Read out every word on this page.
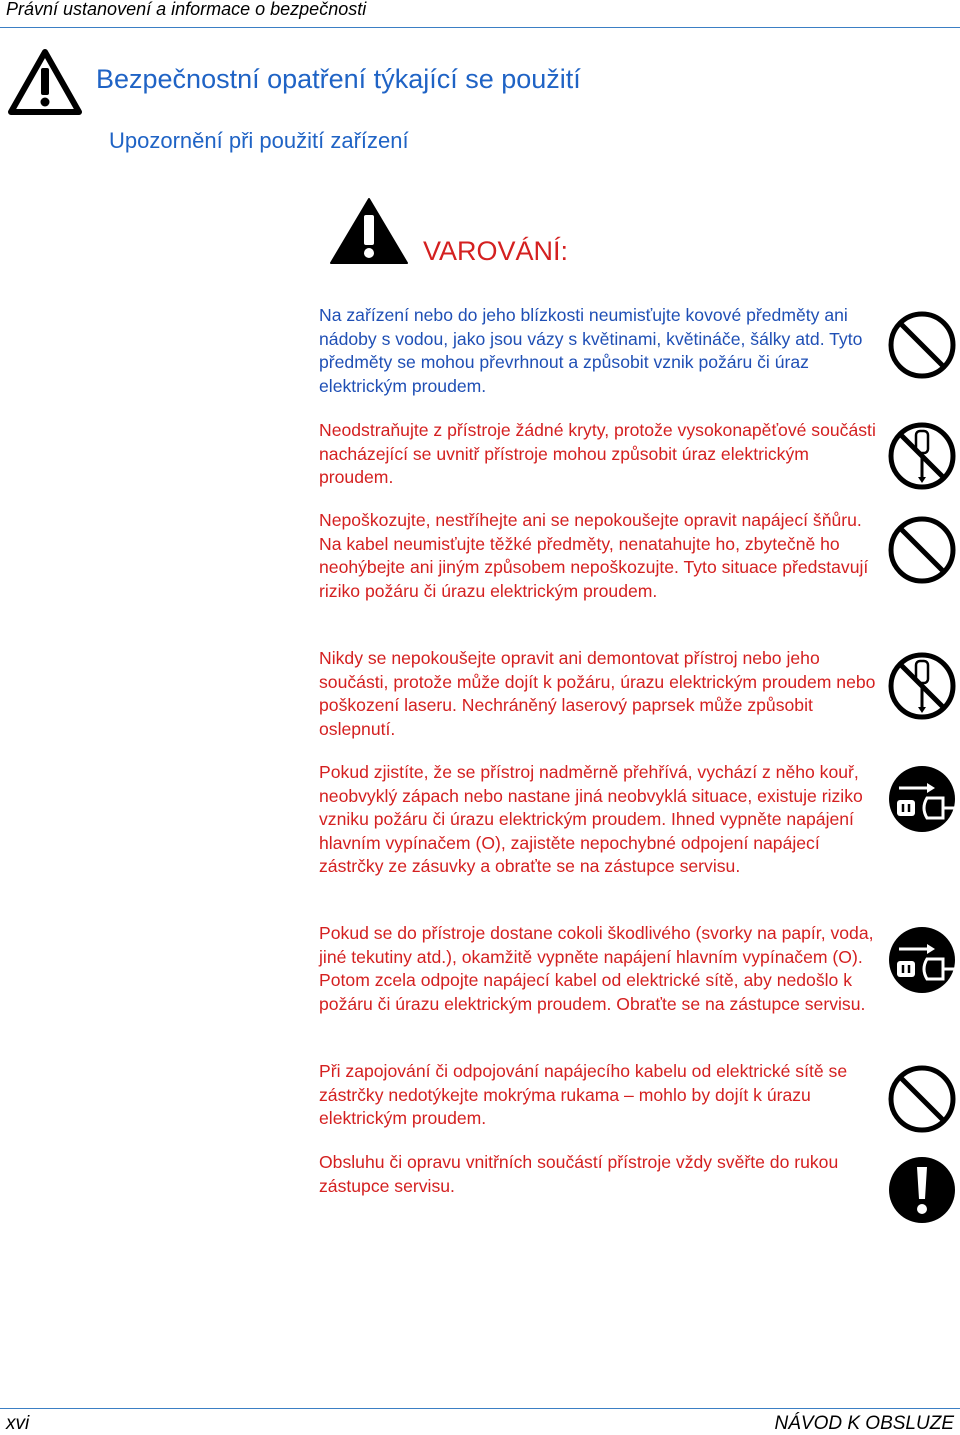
Právní ustanovení a informace o bezpečnosti
Bezpečnostní opatření týkající se použití
Upozornění při použití zařízení
VAROVÁNÍ:

Na zařízení nebo do jeho blízkosti neumisťujte kovové předměty ani nádoby s vodou, jako jsou vázy s květinami, květináče, šálky atd. Tyto předměty se mohou převrhnout a způsobit vznik požáru či úraz elektrickým proudem.

Neodstraňujte z přístroje žádné kryty, protože vysokonapěťové součásti nacházející se uvnitř přístroje mohou způsobit úraz elektrickým proudem.

Nepoškozujte, nestříhejte ani se nepokoušejte opravit napájecí šňůru. Na kabel neumisťujte těžké předměty, nenatahujte ho, zbytečně ho neohýbejte ani jiným způsobem nepoškozujte. Tyto situace představují riziko požáru či úrazu elektrickým proudem.

Nikdy se nepokoušejte opravit ani demontovat přístroj nebo jeho součásti, protože může dojít k požáru, úrazu elektrickým proudem nebo poškození laseru. Nechráněný laserový paprsek může způsobit oslepnutí.

Pokud zjistíte, že se přístroj nadměrně přehřívá, vychází z něho kouř, neobvyklý zápach nebo nastane jiná neobvyklá situace, existuje riziko vzniku požáru či úrazu elektrickým proudem. Ihned vypněte napájení hlavním vypínačem (O), zajistěte nepochybné odpojení napájecí zástrčky ze zásuvky a obraťte se na zástupce servisu.

Pokud se do přístroje dostane cokoli škodlivého (svorky na papír, voda, jiné tekutiny atd.), okamžitě vypněte napájení hlavním vypínačem (O). Potom zcela odpojte napájecí kabel od elektrické sítě, aby nedošlo k požáru či úrazu elektrickým proudem. Obraťte se na zástupce servisu.

Při zapojování či odpojování napájecího kabelu od elektrické sítě se zástrčky nedotýkejte mokrýma rukama – mohlo by dojít k úrazu elektrickým proudem.

Obsluhu či opravu vnitřních součástí přístroje vždy svěřte do rukou zástupce servisu.

xvi	NÁVOD K OBSLUZE
